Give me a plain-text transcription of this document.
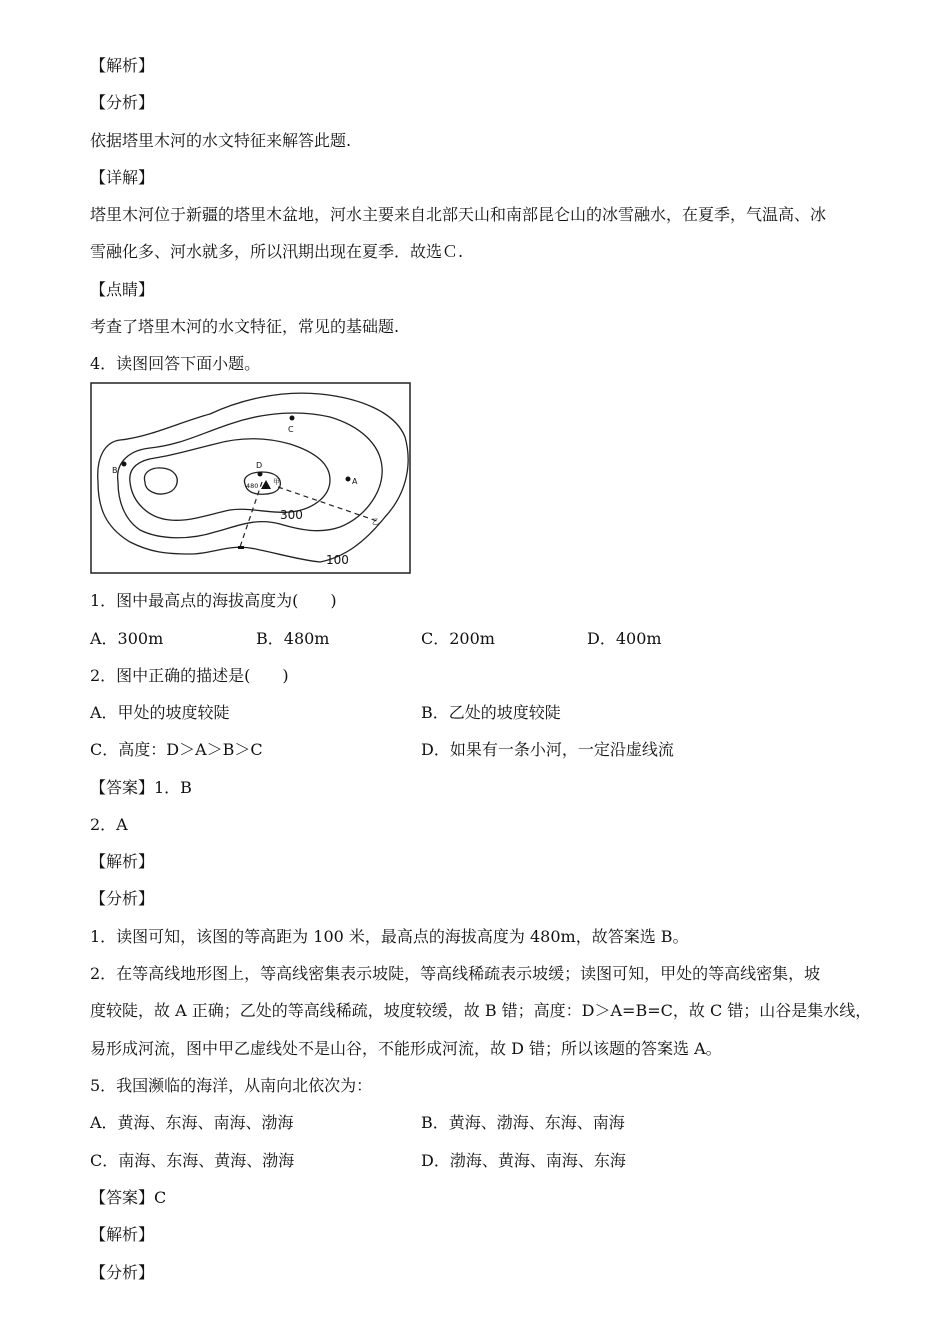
【解析】
【分析】
依据塔里木河的水文特征来解答此题.
【详解】
塔里木河位于新疆的塔里木盆地，河水主要来自北部天山和南部昆仑山的冰雪融水，在夏季，气温高、冰
雪融化多、河水就多，所以汛期出现在夏季．故选Ｃ.
【点睛】
考查了塔里木河的水文特征，常见的基础题.
4．读图回答下面小题。
C
B
D
A
480 甲
乙
300
100
1．图中最高点的海拔高度为(　　)
A．300m	B．480m	C．200m	D．400m
2．图中正确的描述是(　　)
A．甲处的坡度较陡	B．乙处的坡度较陡
C．高度：D＞A＞B＞C	D．如果有一条小河，一定沿虚线流
【答案】1．B
2．A
【解析】
【分析】
1．读图可知，该图的等高距为 100 米，最高点的海拔高度为 480m，故答案选 B。
2．在等高线地形图上，等高线密集表示坡陡，等高线稀疏表示坡缓；读图可知，甲处的等高线密集，坡
度较陡，故 A 正确；乙处的等高线稀疏，坡度较缓，故 B 错；高度：D＞A=B=C，故 C 错；山谷是集水线，
易形成河流，图中甲乙虚线处不是山谷，不能形成河流，故 D 错；所以该题的答案选 A。
5．我国濒临的海洋，从南向北依次为：
A．黄海、东海、南海、渤海	B．黄海、渤海、东海、南海
C．南海、东海、黄海、渤海	D．渤海、黄海、南海、东海
【答案】C
【解析】
【分析】
